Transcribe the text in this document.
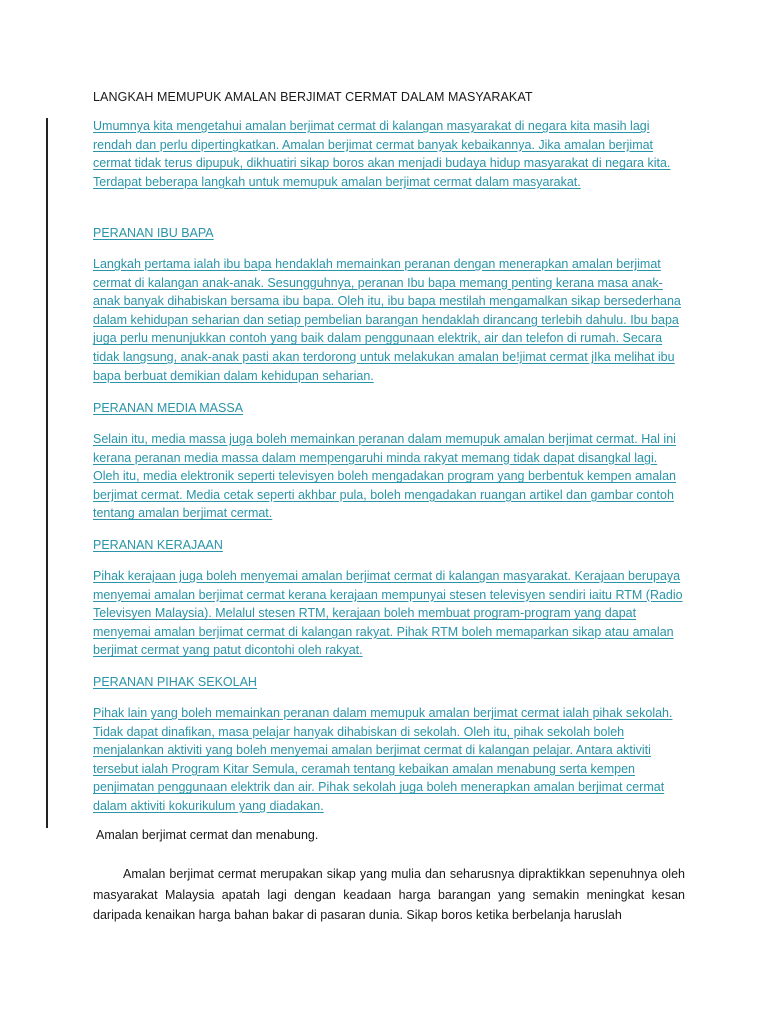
LANGKAH MEMUPUK AMALAN BERJIMAT CERMAT DALAM MASYARAKAT
Umumnya kita mengetahui amalan berjimat cermat di kalangan masyarakat di negara kita masih lagi rendah dan perlu dipertingkatkan. Amalan berjimat cermat banyak kebaikannya. Jika amalan berjimat cermat tidak terus dipupuk, dikhuatiri sikap boros akan menjadi budaya hidup masyarakat di negara kita. Terdapat beberapa langkah untuk memupuk amalan berjimat cermat dalam masyarakat.
PERANAN IBU BAPA
Langkah pertama ialah ibu bapa hendaklah memainkan peranan dengan menerapkan amalan berjimat cermat di kalangan anak-anak. Sesungguhnya, peranan Ibu bapa memang penting kerana masa anak-anak banyak dihabiskan bersama ibu bapa. Oleh itu, ibu bapa mestilah mengamalkan sikap bersederhana dalam kehidupan seharian dan setiap pembelian barangan hendaklah dirancang terlebih dahulu. Ibu bapa juga perlu menunjukkan contoh yang baik dalam penggunaan elektrik, air dan telefon di rumah. Secara tidak langsung, anak-anak pasti akan terdorong untuk melakukan amalan be!jimat cermat jIka melihat ibu bapa berbuat demikian dalam kehidupan seharian.
PERANAN MEDIA MASSA
Selain itu, media massa juga boleh memainkan peranan dalam memupuk amalan berjimat cermat. Hal ini kerana peranan media massa dalam mempengaruhi minda rakyat memang tidak dapat disangkal lagi. Oleh itu, media elektronik seperti televisyen boleh mengadakan program yang berbentuk kempen amalan berjimat cermat. Media cetak seperti akhbar pula, boleh mengadakan ruangan artikel dan gambar contoh tentang amalan berjimat cermat.
PERANAN KERAJAAN
Pihak kerajaan juga boleh menyemai amalan berjimat cermat di kalangan masyarakat. Kerajaan berupaya menyemai amalan berjimat cermat kerana kerajaan mempunyai stesen televisyen sendiri iaitu RTM (Radio Televisyen Malaysia). Melalul stesen RTM, kerajaan boleh membuat program-program yang dapat menyemai amalan berjimat cermat di kalangan rakyat. Pihak RTM boleh memaparkan sikap atau amalan berjimat cermat yang patut dicontohi oleh rakyat.
PERANAN PIHAK SEKOLAH
Pihak lain yang boleh memainkan peranan dalam memupuk amalan berjimat cermat ialah pihak sekolah. Tidak dapat dinafikan, masa pelajar hanyak dihabiskan di sekolah. Oleh itu, pihak sekolah boleh menjalankan aktiviti yang boleh menyemai amalan berjimat cermat di kalangan pelajar. Antara aktiviti tersebut ialah Program Kitar Semula, ceramah tentang kebaikan amalan menabung serta kempen penjimatan penggunaan elektrik dan air. Pihak sekolah juga boleh menerapkan amalan berjimat cermat dalam aktiviti kokurikulum yang diadakan.
Amalan berjimat cermat dan menabung.
Amalan berjimat cermat merupakan sikap yang mulia dan seharusnya dipraktikkan sepenuhnya oleh masyarakat Malaysia apatah lagi dengan keadaan harga barangan yang semakin meningkat kesan daripada kenaikan harga bahan bakar di pasaran dunia. Sikap boros ketika berbelanja haruslah
